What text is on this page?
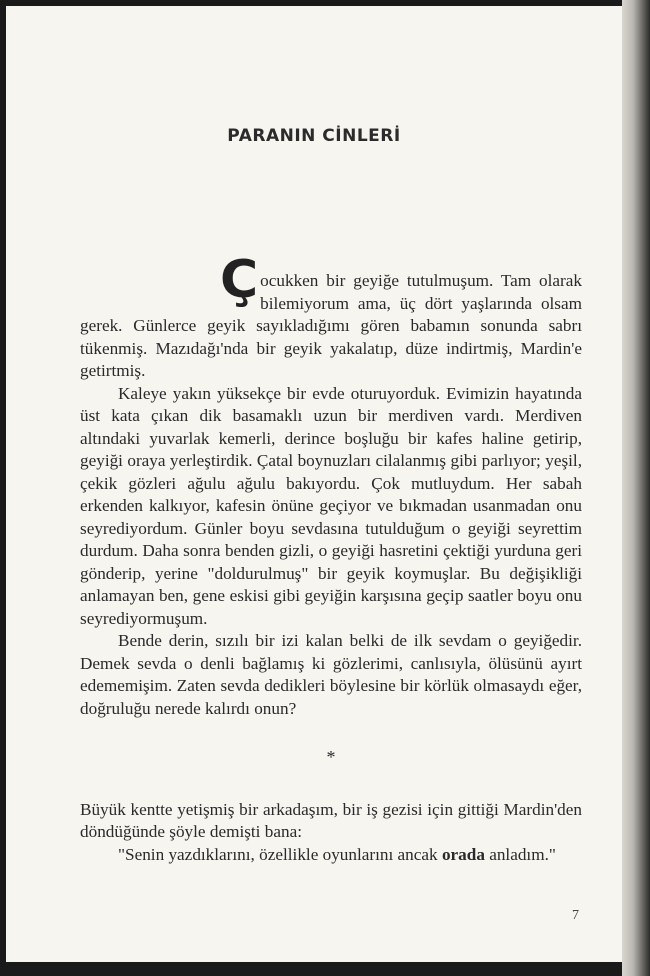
PARANIN CİNLERİ

Ç ocukken bir geyiğe tutulmuşum. Tam olarak bilemiyorum ama, üç dört yaşlarında olsam gerek. Günlerce geyik sayıkladığımı gören babamın sonunda sabrı tükenmiş. Mazıdağı'nda bir geyik yakalatıp, düze indirtmiş, Mardin'e getirtmiş.

Kaleye yakın yüksekçe bir evde oturuyorduk. Evimizin hayatında üst kata çıkan dik basamaklı uzun bir merdiven vardı. Merdiven altındaki yuvarlak kemerli, derince boşluğu bir kafes haline getirip, geyiği oraya yerleştirdik. Çatal boynuzları cilalanmış gibi parlıyor; yeşil, çekik gözleri ağulu ağulu bakıyordu. Çok mutluydum. Her sabah erkenden kalkıyor, kafesin önüne geçiyor ve bıkmadan usanmadan onu seyrediyordum. Günler boyu sevdasına tutulduğum o geyiği seyrettim durdum. Daha sonra benden gizli, o geyiği hasretini çektiği yurduna geri gönderip, yerine "doldurulmuş" bir geyik koymuşlar. Bu değişikliği anlamayan ben, gene eskisi gibi geyiğin karşısına geçip saatler boyu onu seyrediyormuşum.

Bende derin, sızılı bir izi kalan belki de ilk sevdam o geyiğedir. Demek sevda o denli bağlamış ki gözlerimi, canlısıyla, ölüsünü ayırt edememişim. Zaten sevda dedikleri böylesine bir körlük olmasaydı eğer, doğruluğu nerede kalırdı onun?

*

Büyük kentte yetişmiş bir arkadaşım, bir iş gezisi için gittiği Mardin'den döndüğünde şöyle demişti bana:

"Senin yazdıklarını, özellikle oyunlarını ancak orada anladım."

7
